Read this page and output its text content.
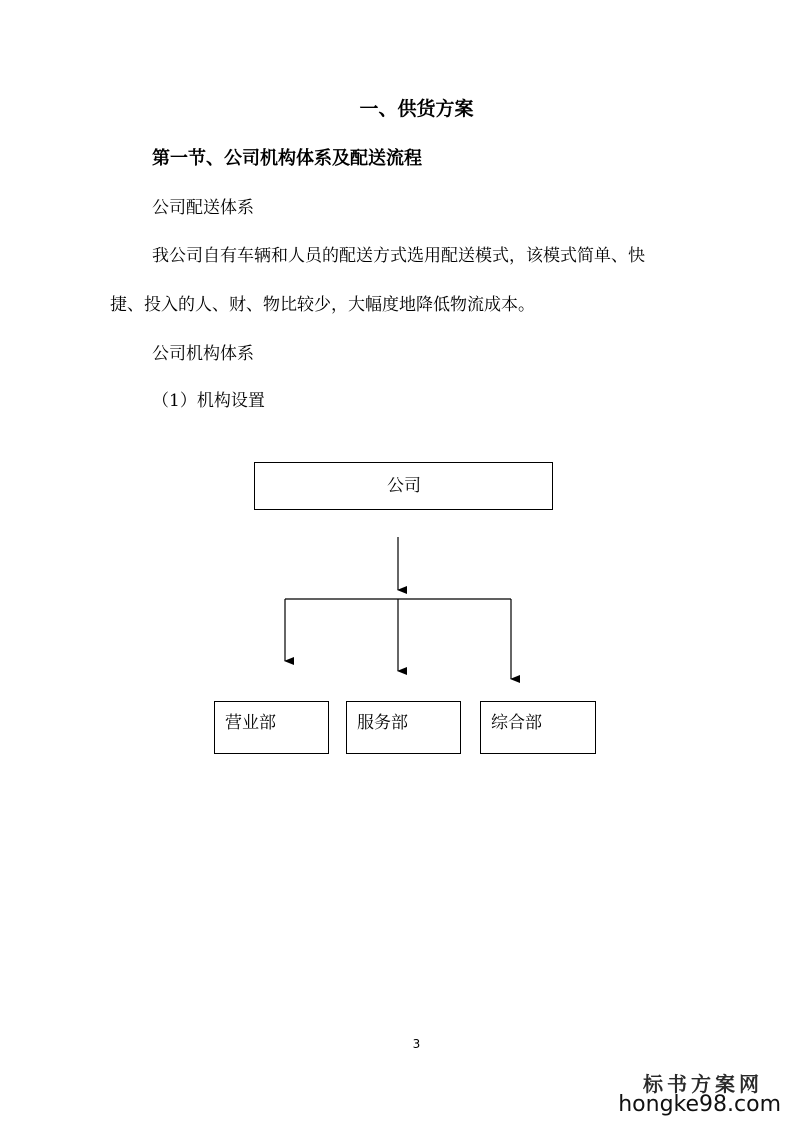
一、供货方案
第一节、公司机构体系及配送流程
公司配送体系
我公司自有车辆和人员的配送方式选用配送模式，该模式简单、快
捷、投入的人、财、物比较少，大幅度地降低物流成本。
公司机构体系
（1）机构设置
公司
营业部	服务部	综合部
3
标书方案网
hongke98.com
